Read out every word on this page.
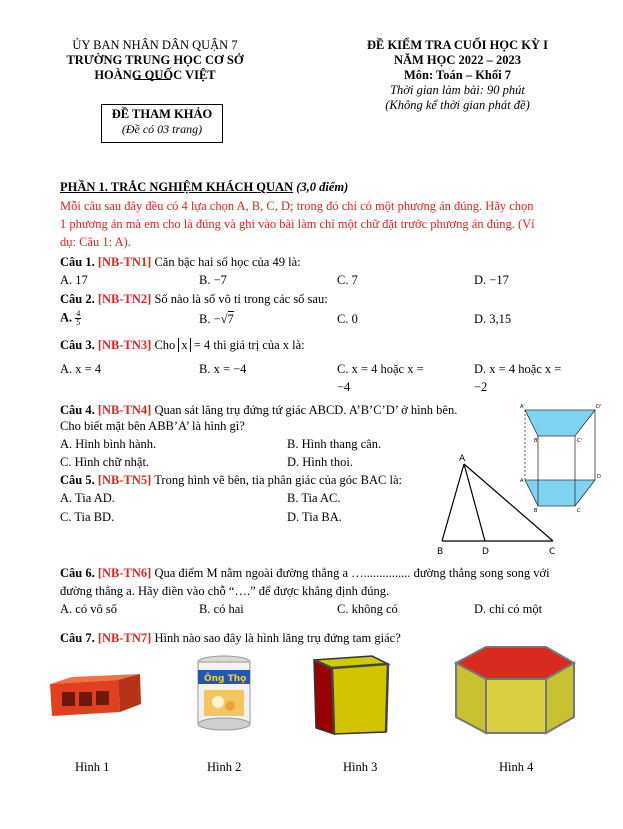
ỦY BAN NHÂN DÂN QUẬN 7
TRƯỜNG TRUNG HỌC CƠ SỞ
HOÀNG QUỐC VIỆT
ĐỀ THAM KHẢO
(Đề có 03 trang)
ĐỀ KIỂM TRA CUỐI HỌC KỲ I
NĂM HỌC 2022 – 2023
Môn: Toán – Khối 7
Thời gian làm bài: 90 phút
(Không kể thời gian phát đề)
PHẦN 1. TRẮC NGHIỆM KHÁCH QUAN (3,0 điểm)
Mỗi câu sau đây đều có 4 lựa chọn A, B, C, D; trong đó chỉ có một phương án đúng. Hãy chọn
1 phương án mà em cho là đúng và ghi vào bài làm chỉ một chữ đặt trước phương án đúng. (Ví
dụ: Câu 1: A).
Câu 1. [NB-TN1] Căn bậc hai số học của 49 là:
A. 17	B. −7	C. 7	D. −17
Câu 2. [NB-TN2] Số nào là số vô tỉ trong các số sau:
A. $\frac{4}{5}$	B. −√7	C. 0	D. 3,15
Câu 3. [NB-TN3] Cho x = 4 thì giá trị của x là:
A. x = 4	B. x = −4	C. x = 4 hoặc x =	D. x = 4 hoặc x =
−4	−2
Câu 4. [NB-TN4] Quan sát lăng trụ đứng tứ giác ABCD. A’B’C’D’ ở hình bên.
Cho biết mặt bên ABB’A’ là hình gì?
A. Hình bình hành.	B. Hình thang cân.
C. Hình chữ nhật.	D. Hình thoi.
Câu 5. [NB-TN5] Trong hình vẽ bên, tia phân giác của góc BAC là:
A. Tia AD.	B. Tia AC.
C. Tia BD.	D. Tia BA.
A'
B'	C'
D'
A
B	C
D
A
B	D	C
Câu 6. [NB-TN6] Qua điểm M nằm ngoài đường thẳng a …............... đường thẳng song song với
đường thẳng a. Hãy điền vào chỗ “….” để được khẳng định đúng.
A. có vô số	B. có hai	C. không có	D. chỉ có một
Câu 7. [NB-TN7] Hình nào sao đây là hình lăng trụ đứng tam giác?
Ông Thọ
Hình 1	Hình 2	Hình 3	Hình 4
